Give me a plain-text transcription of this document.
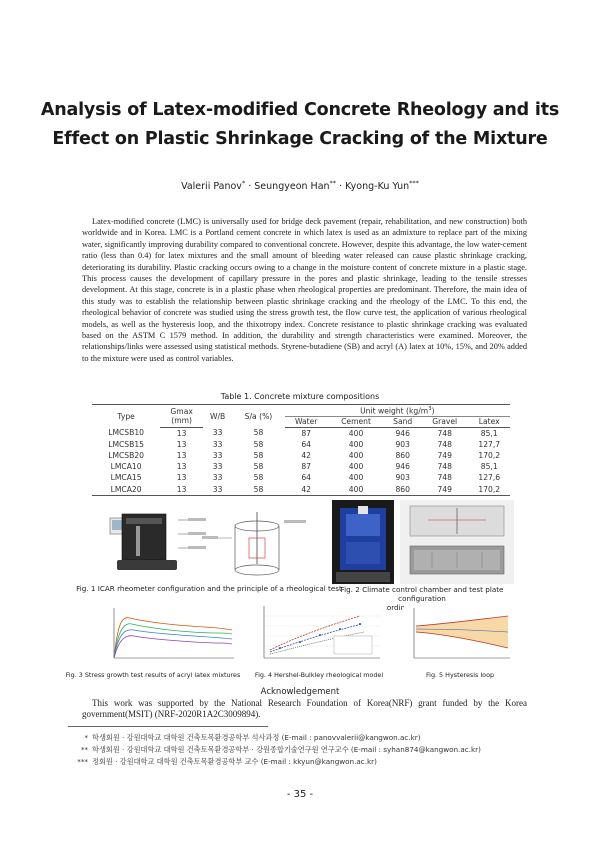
Analysis of Latex-modified Concrete Rheology and its
Effect on Plastic Shrinkage Cracking of the Mixture
Valerii Panov* · Seungyeon Han** · Kyong-Ku Yun***

Latex-modified concrete (LMC) is universally used for bridge deck pavement (repair, rehabilitation, and new construction) both worldwide and in Korea. LMC is a Portland cement concrete in which latex is used as an admixture to replace part of the mixing water, significantly improving durability compared to conventional concrete. However, despite this advantage, the low water-cement ratio (less than 0.4) for latex mixtures and the small amount of bleeding water released can cause plastic shrinkage cracking, deteriorating its durability. Plastic cracking occurs owing to a change in the moisture content of concrete mixture in a plastic stage. This process causes the development of capillary pressure in the pores and plastic shrinkage, leading to the tensile stresses development. At this stage, concrete is in a plastic phase when rheological properties are predominant. Therefore, the main idea of this study was to establish the relationship between plastic shrinkage cracking and the rheology of the LMC. To this end, the rheological behavior of concrete was studied using the stress growth test, the flow curve test, the application of various rheological models, as well as the hysteresis loop, and the thixotropy index. Concrete resistance to plastic shrinkage cracking was evaluated based on the ASTM C 1579 method. In addition, the durability and strength characteristics were examined. Moreover, the relationships/links were assessed using statistical methods. Styrene-butadiene (SB) and acryl (A) latex at 10%, 15%, and 20% added to the mixture were used as control variables.

Table 1. Concrete mixture compositions
Type	Gmax	W/B	S/a (%)	Unit weight $(kg/m^3)$				
	(mm)			Water	Cement	Sand	Gravel	Latex
LMCSB10	13	33	58	87	400	946	748	85,1
LMCSB15	13	33	58	64	400	903	748	127,7
LMCSB20	13	33	58	42	400	860	749	170,2
LMCA10	13	33	58	87	400	946	748	85,1
LMCA15	13	33	58	64	400	903	748	127,6
LMCA20	13	33	58	42	400	860	749	170,2
Fig. 1 ICAR rheometer configuration and the principle of a rheological test
Fig. 2 Climate control chamber and test plate configuration
according
Fig. 3 Stress growth test results of acryl latex mixtures	Fig. 4 Hershel-Bulkley rheological model	Fig. 5 Hysteresis loop
Acknowledgement

This work was supported by the National Research Foundation of Korea(NRF) grant funded by the Korea government(MSIT) (NRF-2020R1A2C3009894).

* 학생회원 · 강원대학교 대학원 건축토목환경공학부 석사과정 (E-mail : panovvalerii@kangwon.ac.kr)
** 학생회원 · 강원대학교 대학원 건축토목환경공학부 · 강원종합기술연구원 연구교수 (E-mail : syhan874@kangwon.ac.kr)
*** 정회원 · 강원대학교 대학원 건축토목환경공학부 교수 (E-mail : kkyun@kangwon.ac.kr)
- 35 -
